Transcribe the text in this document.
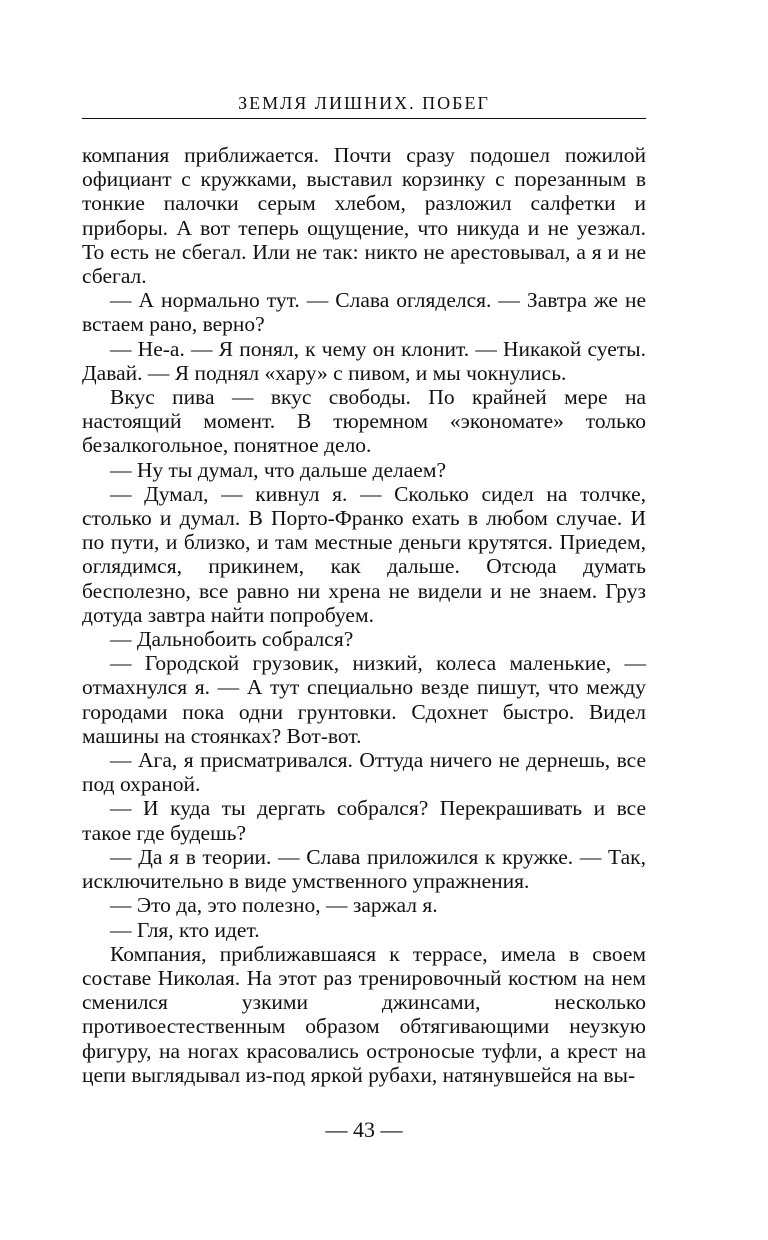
ЗЕМЛЯ ЛИШНИХ. ПОБЕГ

компания приближается. Почти сразу подошел пожилой официант с кружками, выставил корзинку с порезанным в тонкие палочки серым хлебом, разложил салфетки и приборы. А вот теперь ощущение, что никуда и не уезжал. То есть не сбегал. Или не так: никто не арестовывал, а я и не сбегал.

— А нормально тут. — Слава огляделся. — Завтра же не встаем рано, верно?

— Не-а. — Я понял, к чему он клонит. — Никакой суеты. Давай. — Я поднял «хару» с пивом, и мы чокнулись.

Вкус пива — вкус свободы. По крайней мере на настоящий момент. В тюремном «экономате» только безалкогольное, понятное дело.

— Ну ты думал, что дальше делаем?

— Думал, — кивнул я. — Сколько сидел на толчке, столько и думал. В Порто-Франко ехать в любом случае. И по пути, и близко, и там местные деньги крутятся. Приедем, оглядимся, прикинем, как дальше. Отсюда думать бесполезно, все равно ни хрена не видели и не знаем. Груз дотуда завтра найти попробуем.

— Дальнобоить собрался?

— Городской грузовик, низкий, колеса маленькие, — отмахнулся я. — А тут специально везде пишут, что между городами пока одни грунтовки. Сдохнет быстро. Видел машины на стоянках? Вот-вот.

— Ага, я присматривался. Оттуда ничего не дернешь, все под охраной.

— И куда ты дергать собрался? Перекрашивать и все такое где будешь?

— Да я в теории. — Слава приложился к кружке. — Так, исключительно в виде умственного упражнения.

— Это да, это полезно, — заржал я.

— Гля, кто идет.

Компания, приближавшаяся к террасе, имела в своем составе Николая. На этот раз тренировочный костюм на нем сменился узкими джинсами, несколько противоестественным образом обтягивающими неузкую фигуру, на ногах красовались остроносые туфли, а крест на цепи выглядывал из-под яркой рубахи, натянувшейся на вы-

— 43 —
